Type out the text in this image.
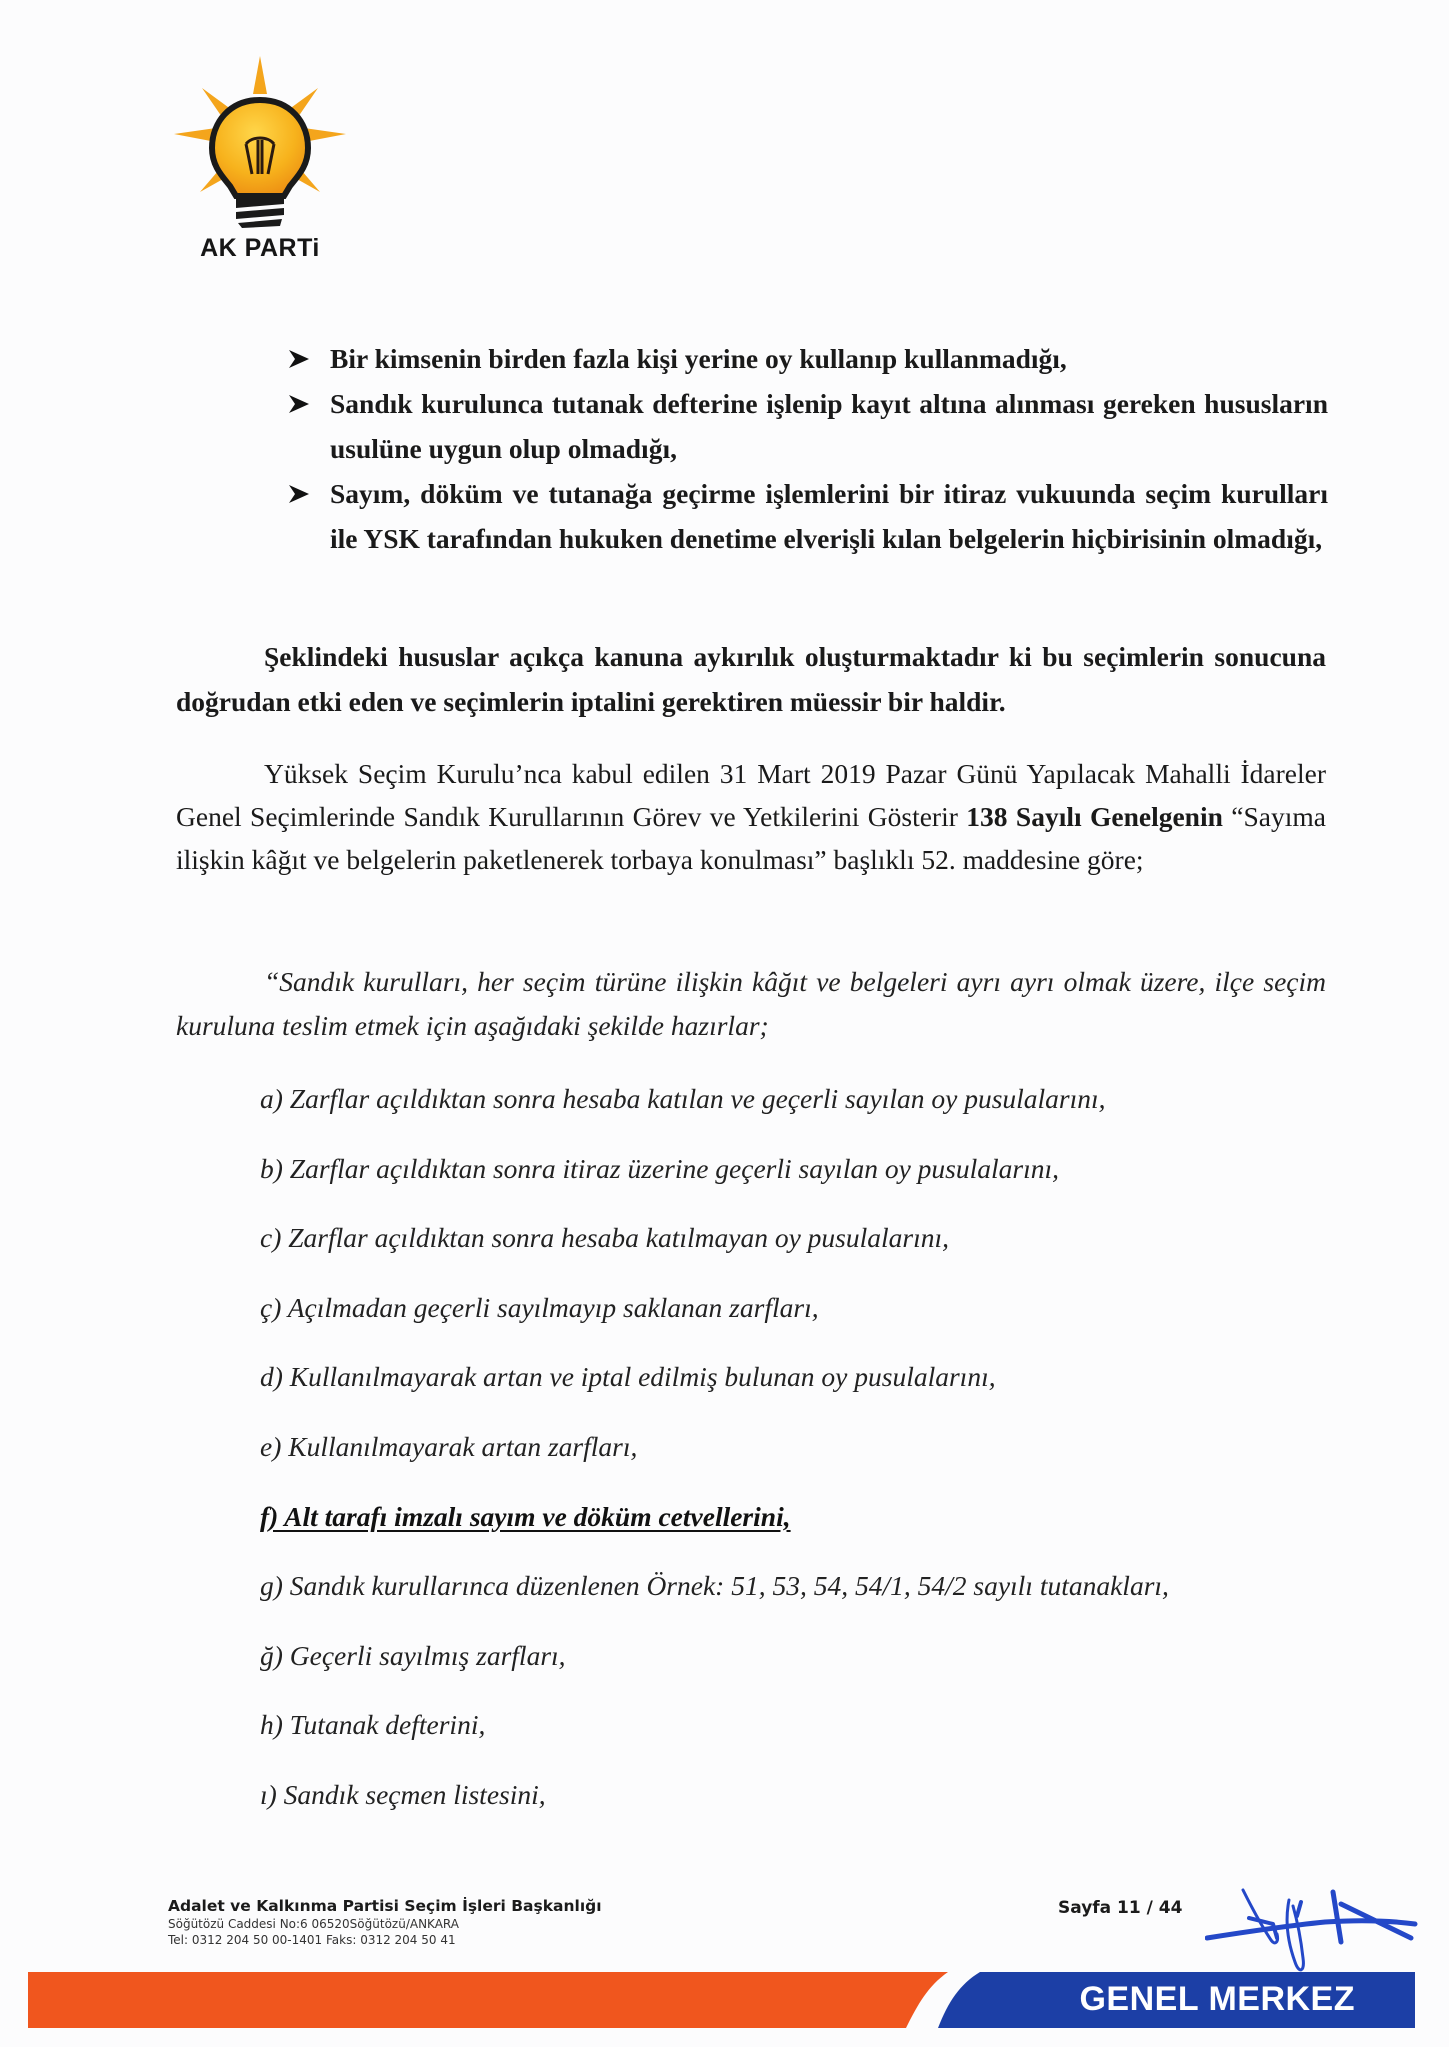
AK PARTi
Bir kimsenin birden fazla kişi yerine oy kullanıp kullanmadığı,
Sandık kurulunca tutanak defterine işlenip kayıt altına alınması gereken hususların usulüne uygun olup olmadığı,
Sayım, döküm ve tutanağa geçirme işlemlerini bir itiraz vukuunda seçim kurulları ile YSK tarafından hukuken denetime elverişli kılan belgelerin hiçbirisinin olmadığı,
Şeklindeki hususlar açıkça kanuna aykırılık oluşturmaktadır ki bu seçimlerin sonucuna doğrudan etki eden ve seçimlerin iptalini gerektiren müessir bir haldir.
Yüksek Seçim Kurulu’nca kabul edilen 31 Mart 2019 Pazar Günü Yapılacak Mahalli İdareler Genel Seçimlerinde Sandık Kurullarının Görev ve Yetkilerini Gösterir 138 Sayılı Genelgenin “Sayıma ilişkin kâğıt ve belgelerin paketlenerek torbaya konulması” başlıklı 52. maddesine göre;
“Sandık kurulları, her seçim türüne ilişkin kâğıt ve belgeleri ayrı ayrı olmak üzere, ilçe seçim kuruluna teslim etmek için aşağıdaki şekilde hazırlar;
a) Zarflar açıldıktan sonra hesaba katılan ve geçerli sayılan oy pusulalarını,
b) Zarflar açıldıktan sonra itiraz üzerine geçerli sayılan oy pusulalarını,
c) Zarflar açıldıktan sonra hesaba katılmayan oy pusulalarını,
ç) Açılmadan geçerli sayılmayıp saklanan zarfları,
d) Kullanılmayarak artan ve iptal edilmiş bulunan oy pusulalarını,
e) Kullanılmayarak artan zarfları,
f) Alt tarafı imzalı sayım ve döküm cetvellerini,
g) Sandık kurullarınca düzenlenen Örnek: 51, 53, 54, 54/1, 54/2 sayılı tutanakları,
ğ) Geçerli sayılmış zarfları,
h) Tutanak defterini,
ı) Sandık seçmen listesini,
Adalet ve Kalkınma Partisi Seçim İşleri Başkanlığı
Söğütözü Caddesi No:6 06520Söğütözü/ANKARA
Tel: 0312 204 50 00-1401 Faks: 0312 204 50 41
Sayfa 11 / 44
GENEL MERKEZ
